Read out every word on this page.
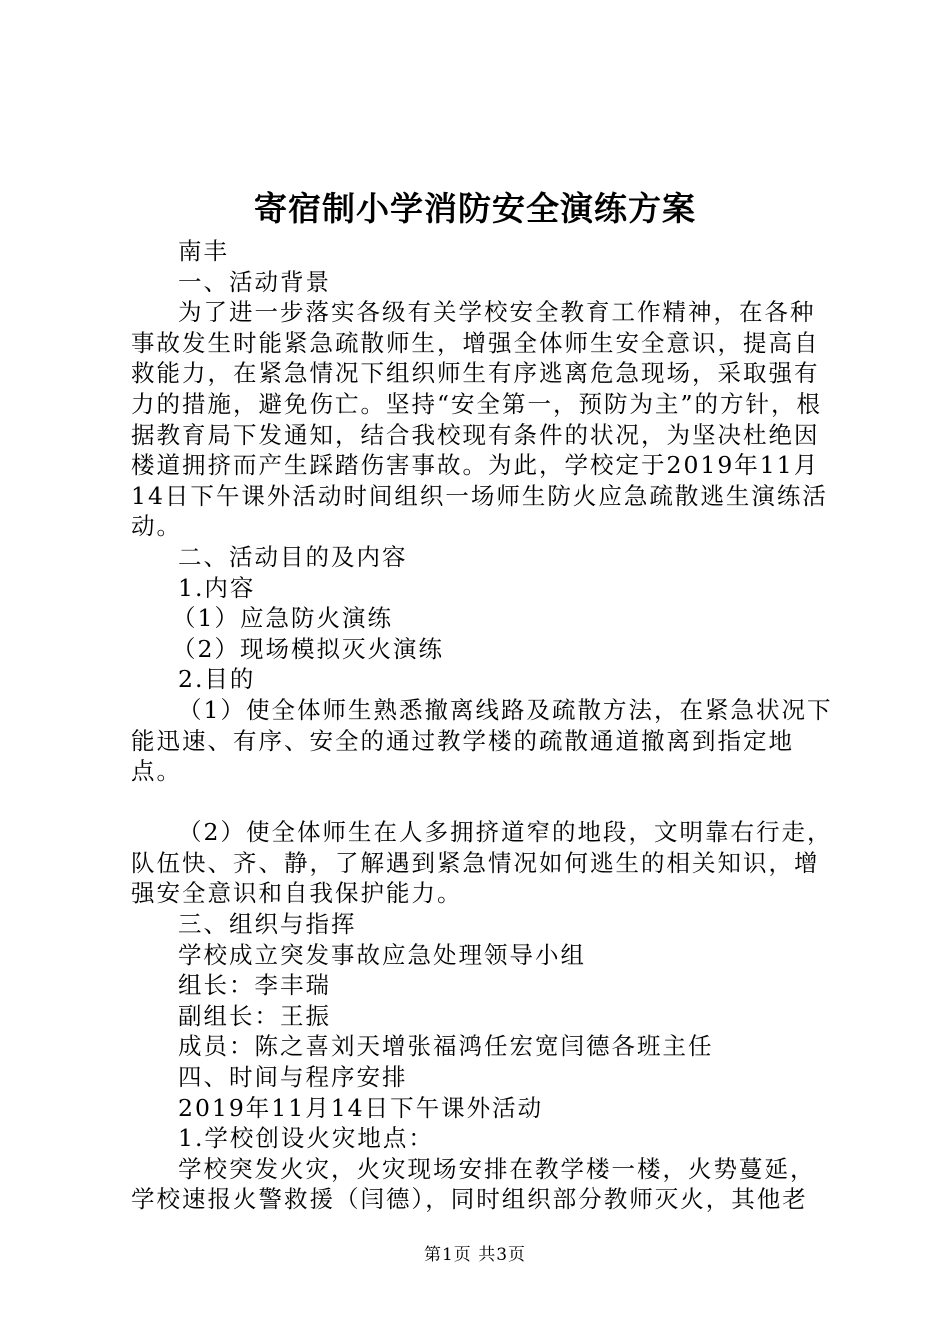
寄宿制小学消防安全演练方案
南丰
一、活动背景
为了进一步落实各级有关学校安全教育工作精神，在各种事故发生时能紧急疏散师生，增强全体师生安全意识，提高自救能力，在紧急情况下组织师生有序逃离危急现场，采取强有力的措施，避免伤亡。坚持“安全第一，预防为主”的方针，根据教育局下发通知，结合我校现有条件的状况，为坚决杜绝因楼道拥挤而产生踩踏伤害事故。为此，学校定于2019年11月14日下午课外活动时间组织一场师生防火应急疏散逃生演练活动。
二、活动目的及内容
1.内容
（1）应急防火演练
（2）现场模拟灭火演练
2.目的
（1）使全体师生熟悉撤离线路及疏散方法，在紧急状况下能迅速、有序、安全的通过教学楼的疏散通道撤离到指定地点。
（2）使全体师生在人多拥挤道窄的地段，文明靠右行走，队伍快、齐、静，了解遇到紧急情况如何逃生的相关知识，增强安全意识和自我保护能力。
三、组织与指挥
学校成立突发事故应急处理领导小组
组长：李丰瑞
副组长：王振
成员：陈之喜刘天增张福鸿任宏宽闫德各班主任
四、时间与程序安排
2019年11月14日下午课外活动
1.学校创设火灾地点：
学校突发火灾，火灾现场安排在教学楼一楼，火势蔓延，学校速报火警救援（闫德），同时组织部分教师灭火，其他老
第1页 共3页
